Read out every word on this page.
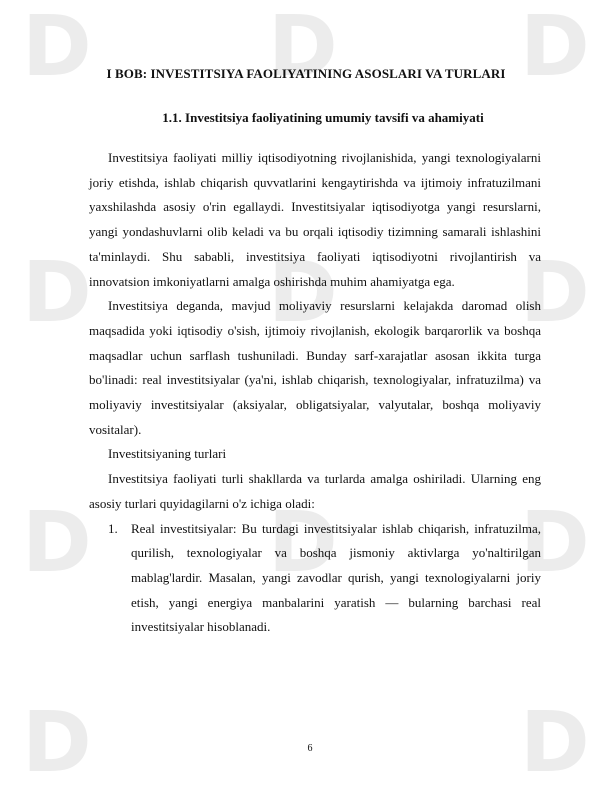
D D D
D D D
D D D
D	D
I BOB: INVESTITSIYA FAOLIYATINING ASOSLARI VA TURLARI
1.1. Investitsiya faoliyatining umumiy tavsifi va ahamiyati

Investitsiya faoliyati milliy iqtisodiyotning rivojlanishida, yangi texnologiyalarni joriy etishda, ishlab chiqarish quvvatlarini kengaytirishda va ijtimoiy infratuzilmani yaxshilashda asosiy o'rin egallaydi. Investitsiyalar iqtisodiyotga yangi resurslarni, yangi yondashuvlarni olib keladi va bu orqali iqtisodiy tizimning samarali ishlashini ta'minlaydi. Shu sababli, investitsiya faoliyati iqtisodiyotni rivojlantirish va innovatsion imkoniyatlarni amalga oshirishda muhim ahamiyatga ega.

Investitsiya deganda, mavjud moliyaviy resurslarni kelajakda daromad olish maqsadida yoki iqtisodiy o'sish, ijtimoiy rivojlanish, ekologik barqarorlik va boshqa maqsadlar uchun sarflash tushuniladi. Bunday sarf-xarajatlar asosan ikkita turga bo'linadi: real investitsiyalar (ya'ni, ishlab chiqarish, texnologiyalar, infratuzilma) va moliyaviy investitsiyalar (aksiyalar, obligatsiyalar, valyutalar, boshqa moliyaviy vositalar).

Investitsiyaning turlari

Investitsiya faoliyati turli shakllarda va turlarda amalga oshiriladi. Ularning eng asosiy turlari quyidagilarni o'z ichiga oladi:

1. Real investitsiyalar: Bu turdagi investitsiyalar ishlab chiqarish, infratuzilma, qurilish, texnologiyalar va boshqa jismoniy aktivlarga yo'naltirilgan mablag'lardir. Masalan, yangi zavodlar qurish, yangi texnologiyalarni joriy etish, yangi energiya manbalarini yaratish — bularning barchasi real investitsiyalar hisoblanadi.
6
